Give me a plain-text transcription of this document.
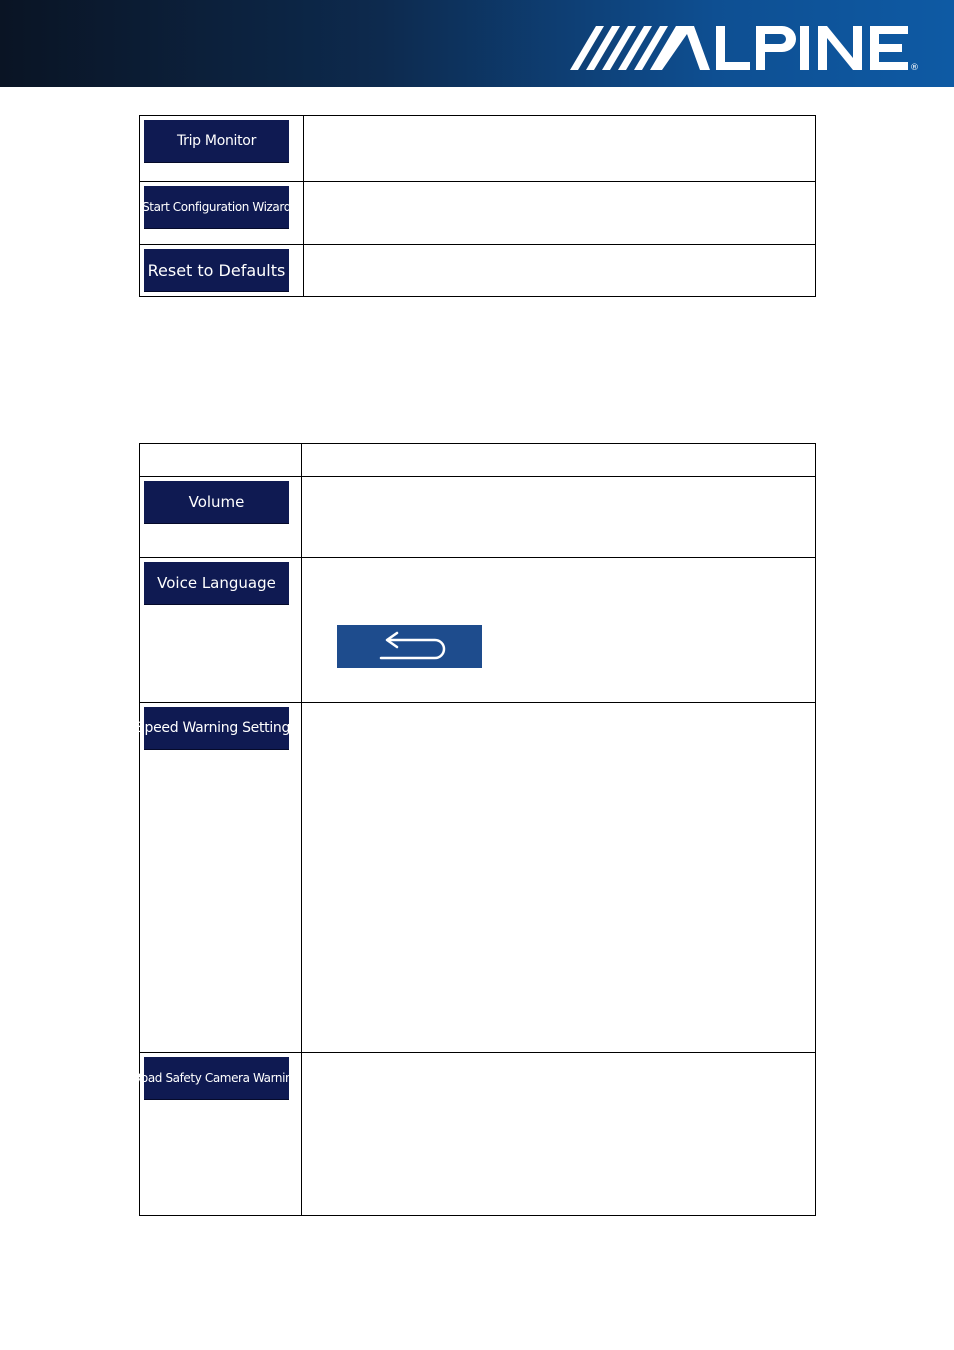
®
Trip Monitor	

Start Configuration Wizard	

Reset to Defaults	

Volume	

Voice Language	

Speed Warning Settings	

Road Safety Camera Warning	
